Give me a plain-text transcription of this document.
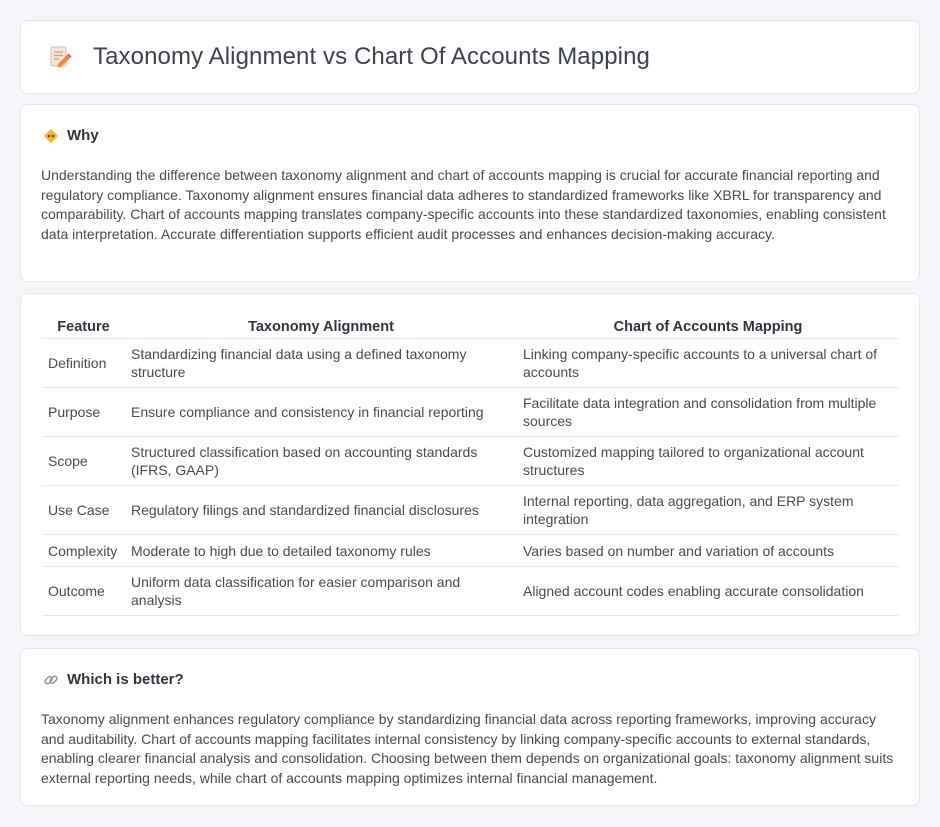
Taxonomy Alignment vs Chart Of Accounts Mapping
Why

Understanding the difference between taxonomy alignment and chart of accounts mapping is crucial for accurate financial reporting and regulatory compliance. Taxonomy alignment ensures financial data adheres to standardized frameworks like XBRL for transparency and comparability. Chart of accounts mapping translates company-specific accounts into these standardized taxonomies, enabling consistent data interpretation. Accurate differentiation supports efficient audit processes and enhances decision-making accuracy.

Feature	Taxonomy Alignment	Chart of Accounts Mapping
Definition	Standardizing financial data using a defined taxonomy structure	Linking company-specific accounts to a universal chart of accounts
Purpose	Ensure compliance and consistency in financial reporting	Facilitate data integration and consolidation from multiple sources
Scope	Structured classification based on accounting standards (IFRS, GAAP)	Customized mapping tailored to organizational account structures
Use Case	Regulatory filings and standardized financial disclosures	Internal reporting, data aggregation, and ERP system integration
Complexity	Moderate to high due to detailed taxonomy rules	Varies based on number and variation of accounts
Outcome	Uniform data classification for easier comparison and analysis	Aligned account codes enabling accurate consolidation
Which is better?

Taxonomy alignment enhances regulatory compliance by standardizing financial data across reporting frameworks, improving accuracy and auditability. Chart of accounts mapping facilitates internal consistency by linking company-specific accounts to external standards, enabling clearer financial analysis and consolidation. Choosing between them depends on organizational goals: taxonomy alignment suits external reporting needs, while chart of accounts mapping optimizes internal financial management.
